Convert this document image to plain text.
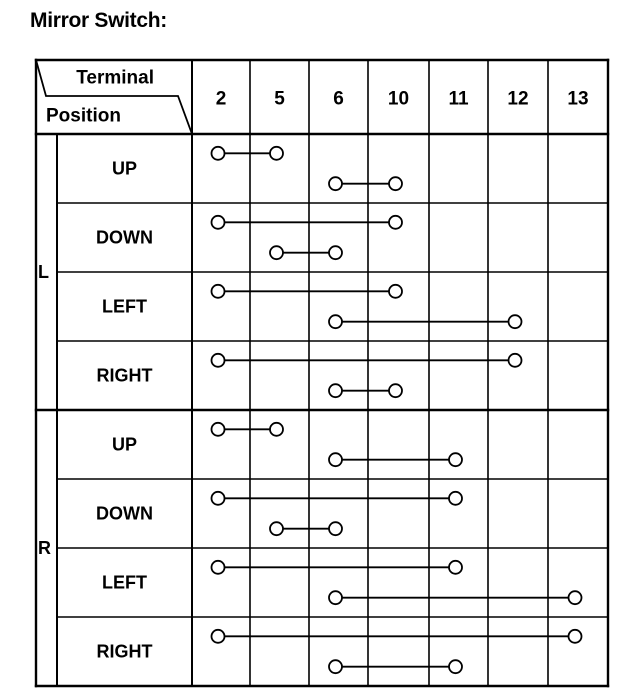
Mirror Switch:
Terminal
Position
2	5	6 10 11 12 13
L
R
UP
DOWN
LEFT
RIGHT
UP
DOWN
LEFT
RIGHT
